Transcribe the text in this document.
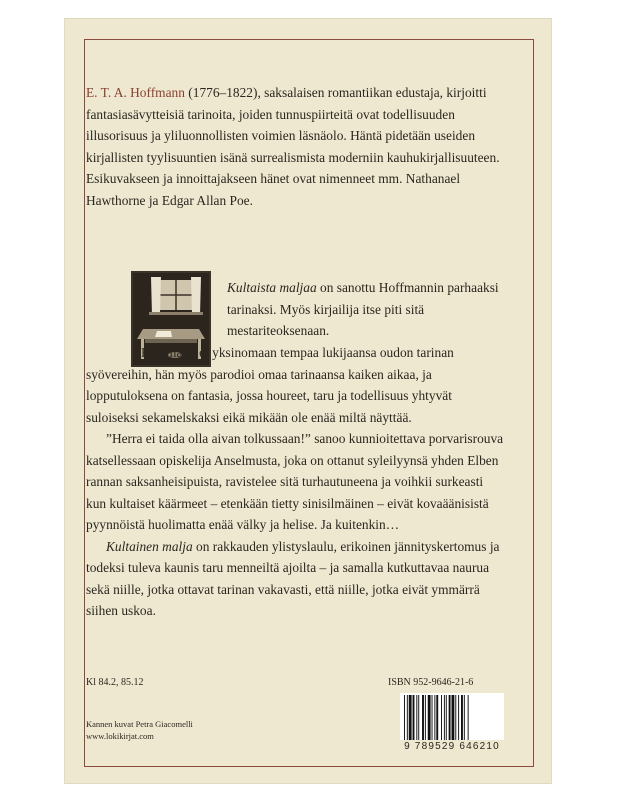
E. T. A. Hoffmann (1776–1822), saksalaisen romantiikan edustaja, kirjoitti fantasiasävytteisiä tarinoita, joiden tunnuspiirteitä ovat todellisuuden illusorisuus ja yliluonnollisten voimien läsnäolo. Häntä pidetään useiden kirjallisten tyylisuuntien isänä surrealismista moderniin kauhukirjallisuuteen. Esikuvakseen ja innoittajakseen hänet ovat nimenneet mm. Nathanael Hawthorne ja Edgar Allan Poe.
Kultaista maljaa on sanottu Hoffmannin parhaaksi tarinaksi. Myös kirjailija itse piti sitä mestariteoksenaan.

Hoffmann ei yksinomaan tempaa lukijaansa oudon tarinan syövereihin, hän myös parodioi omaa tarinaansa kaiken aikaa, ja lopputuloksena on fantasia, jossa houreet, taru ja todellisuus yhtyvät suloiseksi sekamelskaksi eikä mikään ole enää miltä näyttää.

”Herra ei taida olla aivan tolkussaan!” sanoo kunnioitettava porvarisrouva katsellessaan opiskelija Anselmusta, joka on ottanut syleilyynsä yhden Elben rannan saksanheisipuista, ravistelee sitä turhautuneena ja voihkii surkeasti kun kultaiset käärmeet – etenkään tietty sinisilmäinen – eivät kovaäänisistä pyynnöistä huolimatta enää välky ja helise. Ja kuitenkin…

Kultainen malja on rakkauden ylistyslaulu, erikoinen jännityskertomus ja todeksi tuleva kaunis taru menneiltä ajoilta – ja samalla kutkuttavaa naurua sekä niille, jotka ottavat tarinan vakavasti, että niille, jotka eivät ymmärrä siihen uskoa.

Kl 84.2, 85.12	ISBN 952-9646-21-6
Kannen kuvat Petra Giacomelli
www.lokikirjat.com
9 789529 646210
